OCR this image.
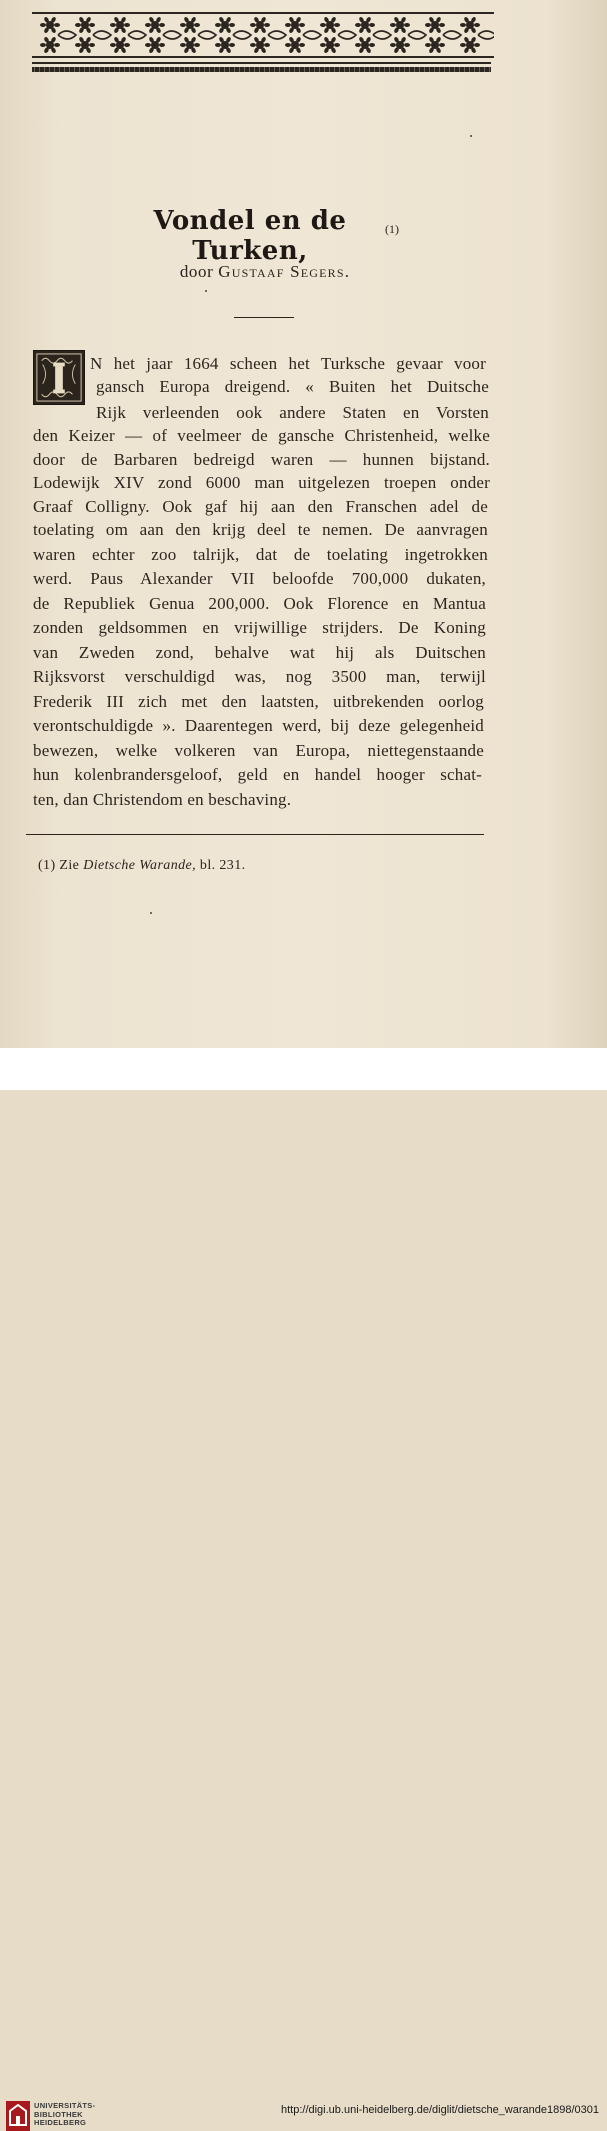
Vondel en de Turken,
(1)
door Gustaaf Segers.
N het jaar 1664 scheen het Turksche gevaar voor
gansch Europa dreigend. « Buiten het Duitsche
Rijk verleenden ook andere Staten en Vorsten
den Keizer — of veelmeer de gansche Christenheid, welke
door de Barbaren bedreigd waren — hunnen bijstand.
Lodewijk XIV zond 6000 man uitgelezen troepen onder
Graaf Colligny. Ook gaf hij aan den Franschen adel de
toelating om aan den krijg deel te nemen. De aanvragen
waren echter zoo talrijk, dat de toelating ingetrokken
werd. Paus Alexander VII beloofde 700,000 dukaten,
de Republiek Genua 200,000. Ook Florence en Mantua
zonden geldsommen en vrijwillige strijders. De Koning
van Zweden zond, behalve wat hij als Duitschen
Rijksvorst verschuldigd was, nog 3500 man, terwijl
Frederik III zich met den laatsten, uitbrekenden oorlog
verontschuldigde ». Daarentegen werd, bij deze gelegenheid
bewezen, welke volkeren van Europa, niettegenstaande
hun kolenbrandersgeloof, geld en handel hooger schat-
ten, dan Christendom en beschaving.
(1) Zie Dietsche Warande, bl. 231.
UNIVERSITÄTS-
BIBLIOTHEK
HEIDELBERG
http://digi.ub.uni-heidelberg.de/diglit/dietsche_warande1898/0301
